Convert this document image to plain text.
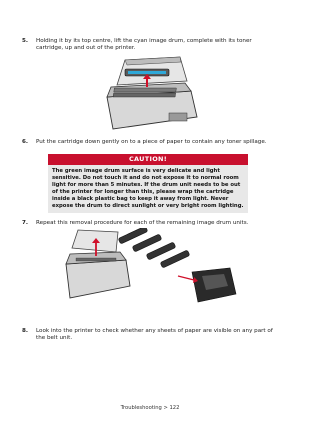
5. Holding it by its top centre, lift the cyan image drum, complete with its toner cartridge, up and out of the printer.
6. Put the cartridge down gently on to a piece of paper to contain any toner spillage.
CAUTION!
The green image drum surface is very delicate and light sensitive. Do not touch it and do not expose it to normal room light for more than 5 minutes. If the drum unit needs to be out of the printer for longer than this, please wrap the cartridge inside a black plastic bag to keep it away from light. Never expose the drum to direct sunlight or very bright room lighting.
7. Repeat this removal procedure for each of the remaining image drum units.
8. Look into the printer to check whether any sheets of paper are visible on any part of the belt unit.
Troubleshooting > 122
